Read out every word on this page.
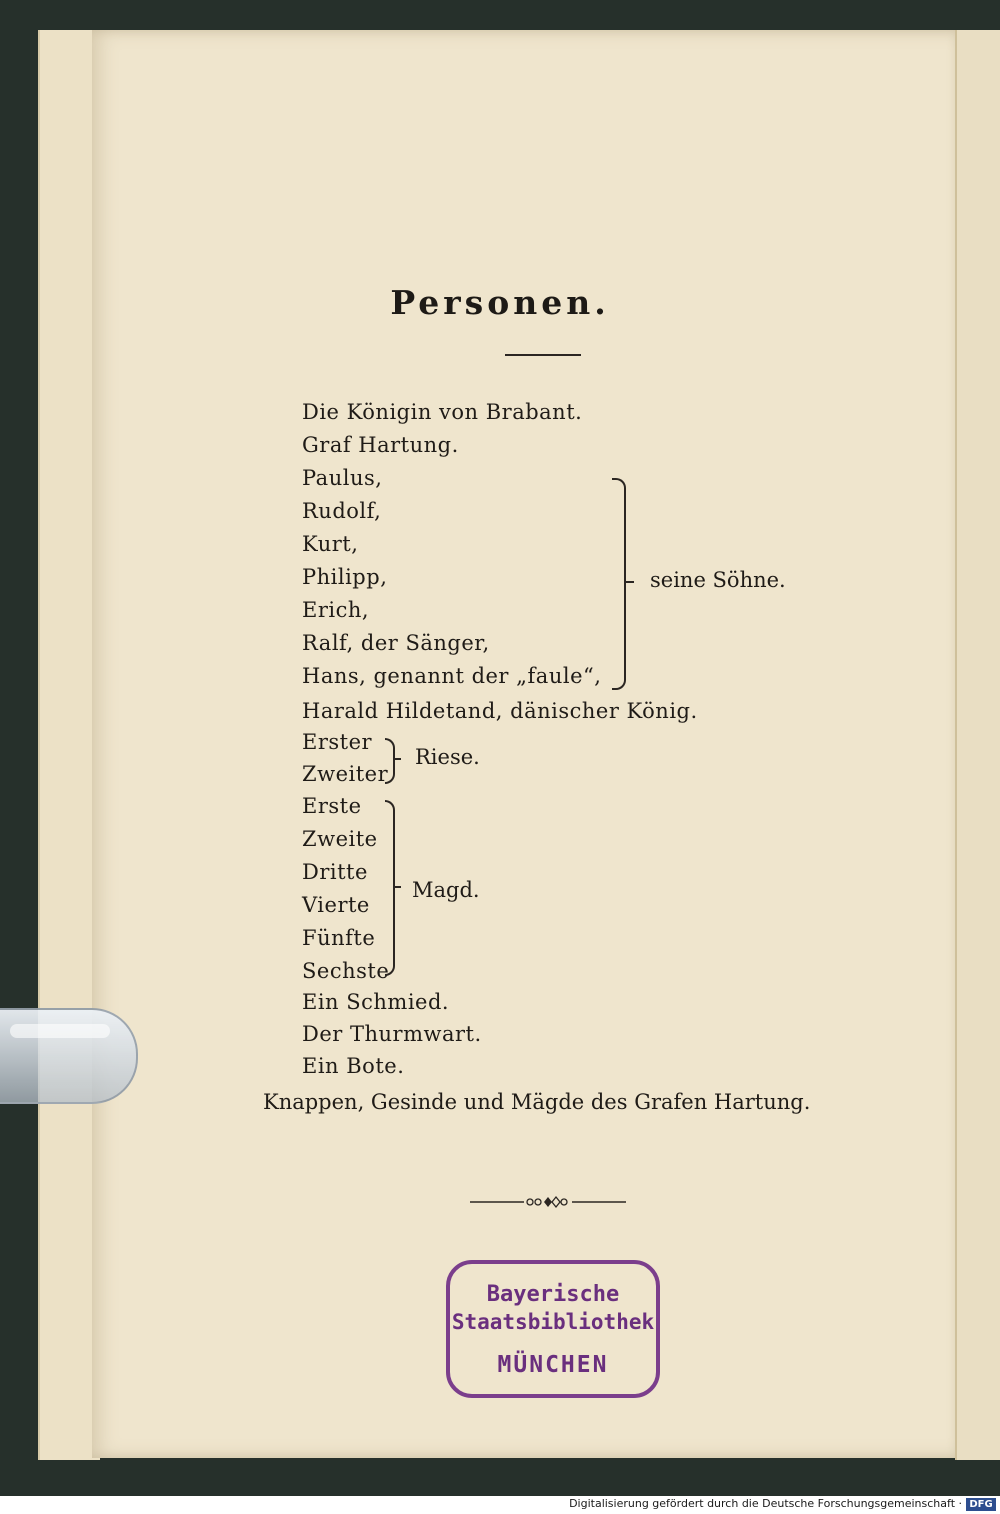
Personen.
Die Königin von Brabant.
Graf Hartung.
Paulus,
Rudolf,
Kurt,
Philipp,
Erich,
Ralf, der Sänger,
Hans, genannt der „faule“,
seine Söhne.
Harald Hildetand, dänischer König.
Erster
Zweiter
Riese.
Erste
Zweite
Dritte
Vierte
Fünfte
Sechste
Magd.
Ein Schmied.
Der Thurmwart.
Ein Bote.
Knappen, Gesinde und Mägde des Grafen Hartung.
Bayerische
Staatsbibliothek
MÜNCHEN
Digitalisierung gefördert durch die Deutsche Forschungsgemeinschaft · DFG
